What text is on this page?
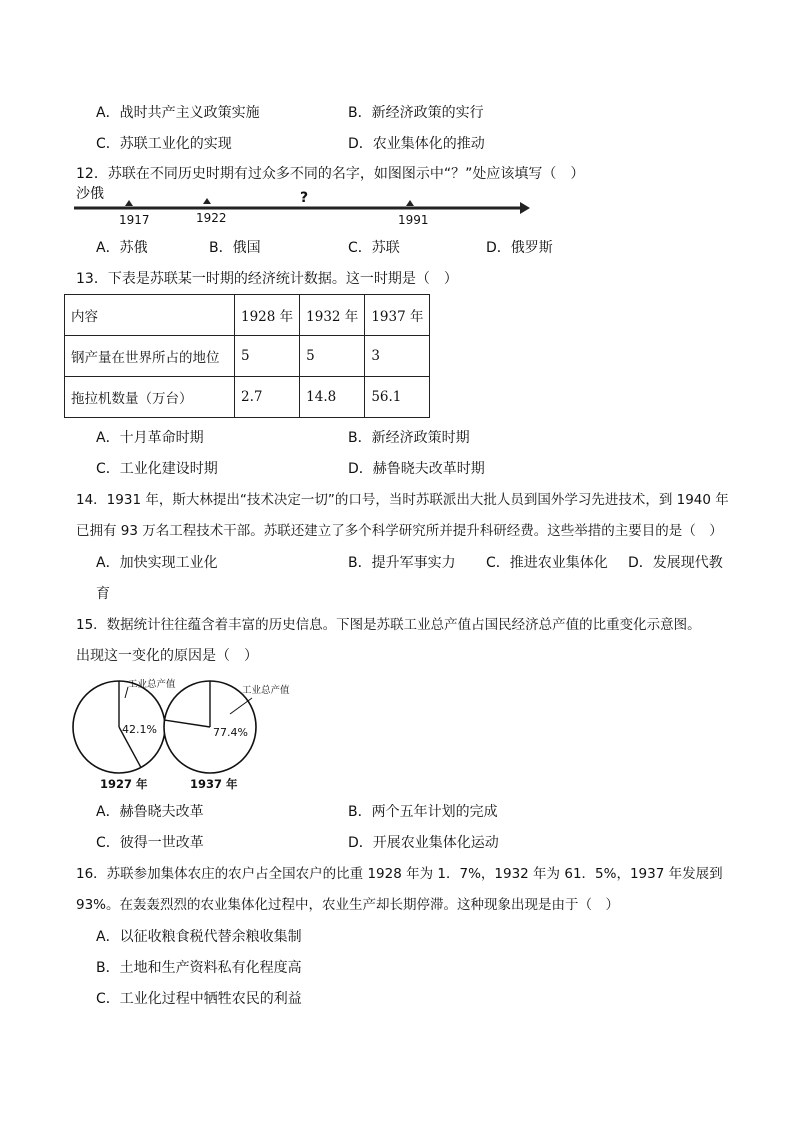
A．战时共产主义政策实施	B．新经济政策的实行
C．苏联工业化的实现	D．农业集体化的推动
12．苏联在不同历史时期有过众多不同的名字，如图图示中“？”处应该填写（　）
沙俄
1917	1922
?
1991
A．苏俄	B．俄国	C．苏联	D．俄罗斯
13．下表是苏联某一时期的经济统计数据。这一时期是（　）
内容	1928 年	1932 年	1937 年
钢产量在世界所占的地位	5	5	3
拖拉机数量（万台）	2.7	14.8	56.1
A．十月革命时期	B．新经济政策时期
C．工业化建设时期	D．赫鲁晓夫改革时期
14．1931 年，斯大林提出“技术决定一切”的口号，当时苏联派出大批人员到国外学习先进技术，到 1940 年
已拥有 93 万名工程技术干部。苏联还建立了多个科学研究所并提升科研经费。这些举措的主要目的是（　）
A．加快实现工业化	B．提升军事实力 C．推进农业集体化 D．发展现代教
育
15．数据统计往往蕴含着丰富的历史信息。下图是苏联工业总产值占国民经济总产值的比重变化示意图。
出现这一变化的原因是（　）
工业总产值
42.1%
1927 年
工业总产值
77.4%
1937 年
A．赫鲁晓夫改革	B．两个五年计划的完成
C．彼得一世改革	D．开展农业集体化运动
16．苏联参加集体农庄的农户占全国农户的比重 1928 年为 1．7%，1932 年为 61．5%，1937 年发展到
93%。在轰轰烈烈的农业集体化过程中，农业生产却长期停滞。这种现象出现是由于（　）
A．以征收粮食税代替余粮收集制
B．土地和生产资料私有化程度高
C．工业化过程中牺牲农民的利益
